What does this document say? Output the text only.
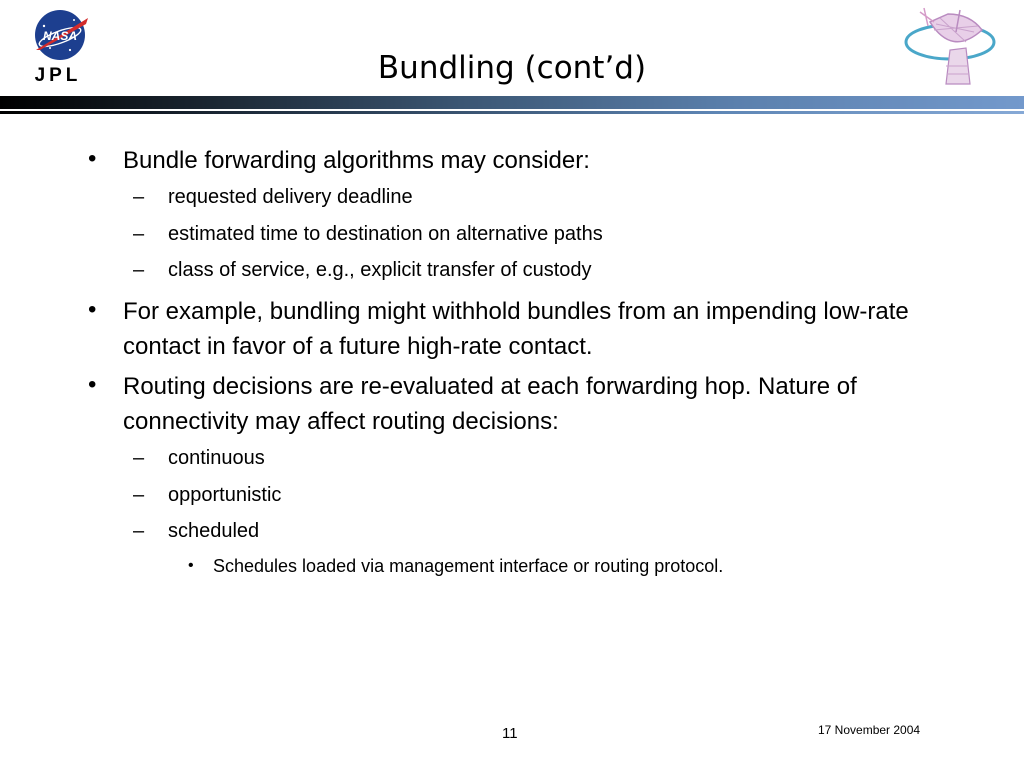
NASA
JPL	Bundling (cont’d)
• Bundle forwarding algorithms may consider:
– requested delivery deadline
– estimated time to destination on alternative paths
– class of service, e.g., explicit transfer of custody
• For example, bundling might withhold bundles from an impending low-rate contact in favor of a future high-rate contact.
• Routing decisions are re-evaluated at each forwarding hop. Nature of connectivity may affect routing decisions:
– continuous
– opportunistic
– scheduled
• Schedules loaded via management interface or routing protocol.
11	17 November 2004
